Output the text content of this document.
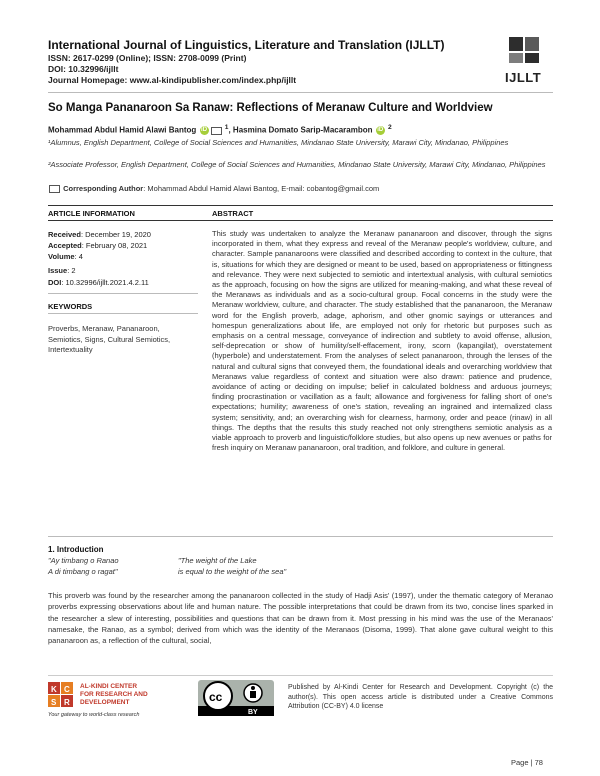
International Journal of Linguistics, Literature and Translation (IJLLT)
ISSN: 2617-0299 (Online); ISSN: 2708-0099 (Print)
DOI: 10.32996/ijllt
Journal Homepage: www.al-kindipublisher.com/index.php/ijllt	IJLLT
So Manga Pananaroon Sa Ranaw: Reflections of Meranaw Culture and Worldview
Mohammad Abdul Hamid Alawi Bantog iD	$^1$, Hasmina Domato Sarip-Macarambon iD $^2$
¹Alumnus, English Department, College of Social Sciences and Humanities, Mindanao State University, Marawi City, Mindanao, Philippines
²Associate Professor, English Department, College of Social Sciences and Humanities, Mindanao State University, Marawi City, Mindanao, Philippines
Corresponding Author: Mohammad Abdul Hamid Alawi Bantog, E-mail: cobantog@gmail.com
ARTICLE INFORMATION	ABSTRACT
Received: December 19, 2020
Accepted: February 08, 2021
Volume: 4
Issue: 2
DOI: 10.32996/ijllt.2021.4.2.11
KEYWORDS
Proverbs, Meranaw, Pananaroon, Semiotics, Signs, Cultural Semiotics, Intertextuality
This study was undertaken to analyze the Meranaw pananaroon and discover, through the signs incorporated in them, what they express and reveal of the Meranaw people's worldview, culture, and character. Sample pananaroons were classified and described according to context in the culture, that is, situations for which they are designed or meant to be used, based on appropriateness or fittingness and relevance. They were next subjected to semiotic and intertextual analysis, with cultural semiotics as the approach, focusing on how the signs are utilized for meaning-making, and what these reveal of the Meranaws as individuals and as a socio-cultural group. Focal concerns in the study were the Meranaw worldview, culture, and character. The study established that the pananaroon, the Meranaw word for the English proverb, adage, aphorism, and other gnomic sayings or utterances and homespun generalizations about life, are employed not only for rhetoric but purposes such as emphasis on a central message, conveyance of indirection and subtlety to avoid offense, allusion, self-deprecation or show of humility/self-effacement, irony, scorn (kapangilat), overstatement (hyperbole) and understatement. From the analyses of select pananaroon, through the lenses of the natural and cultural signs that conveyed them, the foundational ideals and overarching worldview that Meranaws value regardless of context and situation were also drawn: patience and prudence, avoidance of acting or deciding on impulse; belief in calculated boldness and arduous journeys; finding procrastination or vacillation as a fault; allowance and forgiveness for falling short of one's expectations; humility; awareness of one's station, revealing an ingrained and internalized class system; sensitivity, and; an overarching wish for clearness, harmony, order and peace (rinaw) in all things. The depths that the results this study reached not only strengthens semiotic analysis as a viable approach to proverb and linguistic/folklore studies, but also opens up new avenues or paths for fresh inquiry on Meranaw pananaroon, oral tradition, and folklore, and culture in general.
1. Introduction
"Ay timbang o Ranao
A di timbang o ragat"
"The weight of the Lake
is equal to the weight of the sea"
This proverb was found by the researcher among the pananaroon collected in the study of Hadji Asis' (1997), under the thematic category of Meranao proverbs expressing observations about life and human nature. The possible interpretations that could be drawn from its two, concise lines sparked in the researcher a slew of interesting, possibilities and questions that can be drawn from it. Most pressing in his mind was the use of the Meranaos' namesake, the Ranao, as a symbol; derived from which was the identity of the Meranaos (Disoma, 1999). That alone gave cultural weight to this pananaroon as, a reflection of the cultural, social,
K C
S R
AL-KINDI CENTER
FOR RESEARCH AND
DEVELOPMENT
Your gateway to world-class research
cc
BY
Published by Al-Kindi Center for Research and Development. Copyright (c) the author(s). This open access article is distributed under a Creative Commons Attribution (CC-BY) 4.0 license
Page | 78
